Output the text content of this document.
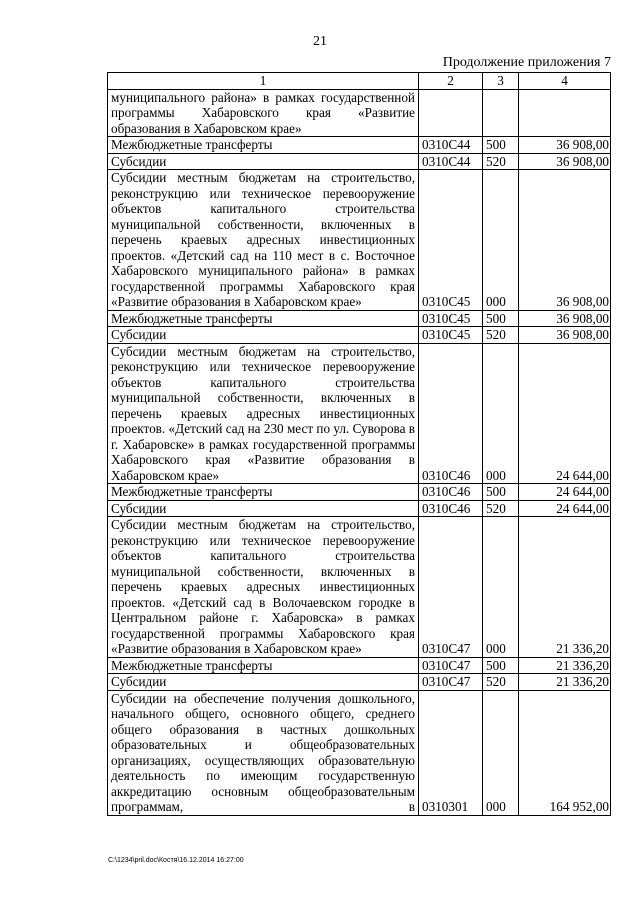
21
Продолжение приложения 7
1	2	3	4
муниципального района» в рамках государственной программы Хабаровского края «Развитие образования в Хабаровском крае»			
Межбюджетные трансферты	0310С44	500	36 908,00
Субсидии	0310С44	520	36 908,00
Субсидии местным бюджетам на строительство, реконструкцию или техническое перевооружение объектов капитального строительства муниципальной собственности, включенных в перечень краевых адресных инвестиционных проектов. «Детский сад на 110 мест в с. Восточное Хабаровского муниципального района» в рамках государственной программы Хабаровского края «Развитие образования в Хабаровском крае»	0310С45	000	36 908,00
Межбюджетные трансферты	0310С45	500	36 908,00
Субсидии	0310С45	520	36 908,00
Субсидии местным бюджетам на строительство, реконструкцию или техническое перевооружение объектов капитального строительства муниципальной собственности, включенных в перечень краевых адресных инвестиционных проектов. «Детский сад на 230 мест по ул. Суворова в г. Хабаровске» в рамках государственной программы Хабаровского края «Развитие образования в Хабаровском крае»	0310С46	000	24 644,00
Межбюджетные трансферты	0310С46	500	24 644,00
Субсидии	0310С46	520	24 644,00
Субсидии местным бюджетам на строительство, реконструкцию или техническое перевооружение объектов капитального строительства муниципальной собственности, включенных в перечень краевых адресных инвестиционных проектов. «Детский сад в Волочаевском городке в Центральном районе г. Хабаровска» в рамках государственной программы Хабаровского края «Развитие образования в Хабаровском крае»	0310С47	000	21 336,20
Межбюджетные трансферты	0310С47	500	21 336,20
Субсидии	0310С47	520	21 336,20
Субсидии на обеспечение получения дошкольного, начального общего, основного общего, среднего общего образования в частных дошкольных образовательных и общеобразовательных организациях, осуществляющих образовательную деятельность по имеющим государственную аккредитацию основным общеобразовательным программам, в	0310301	000	164 952,00
C:\1234\pril.doc\Костя\16.12.2014 16:27:00
